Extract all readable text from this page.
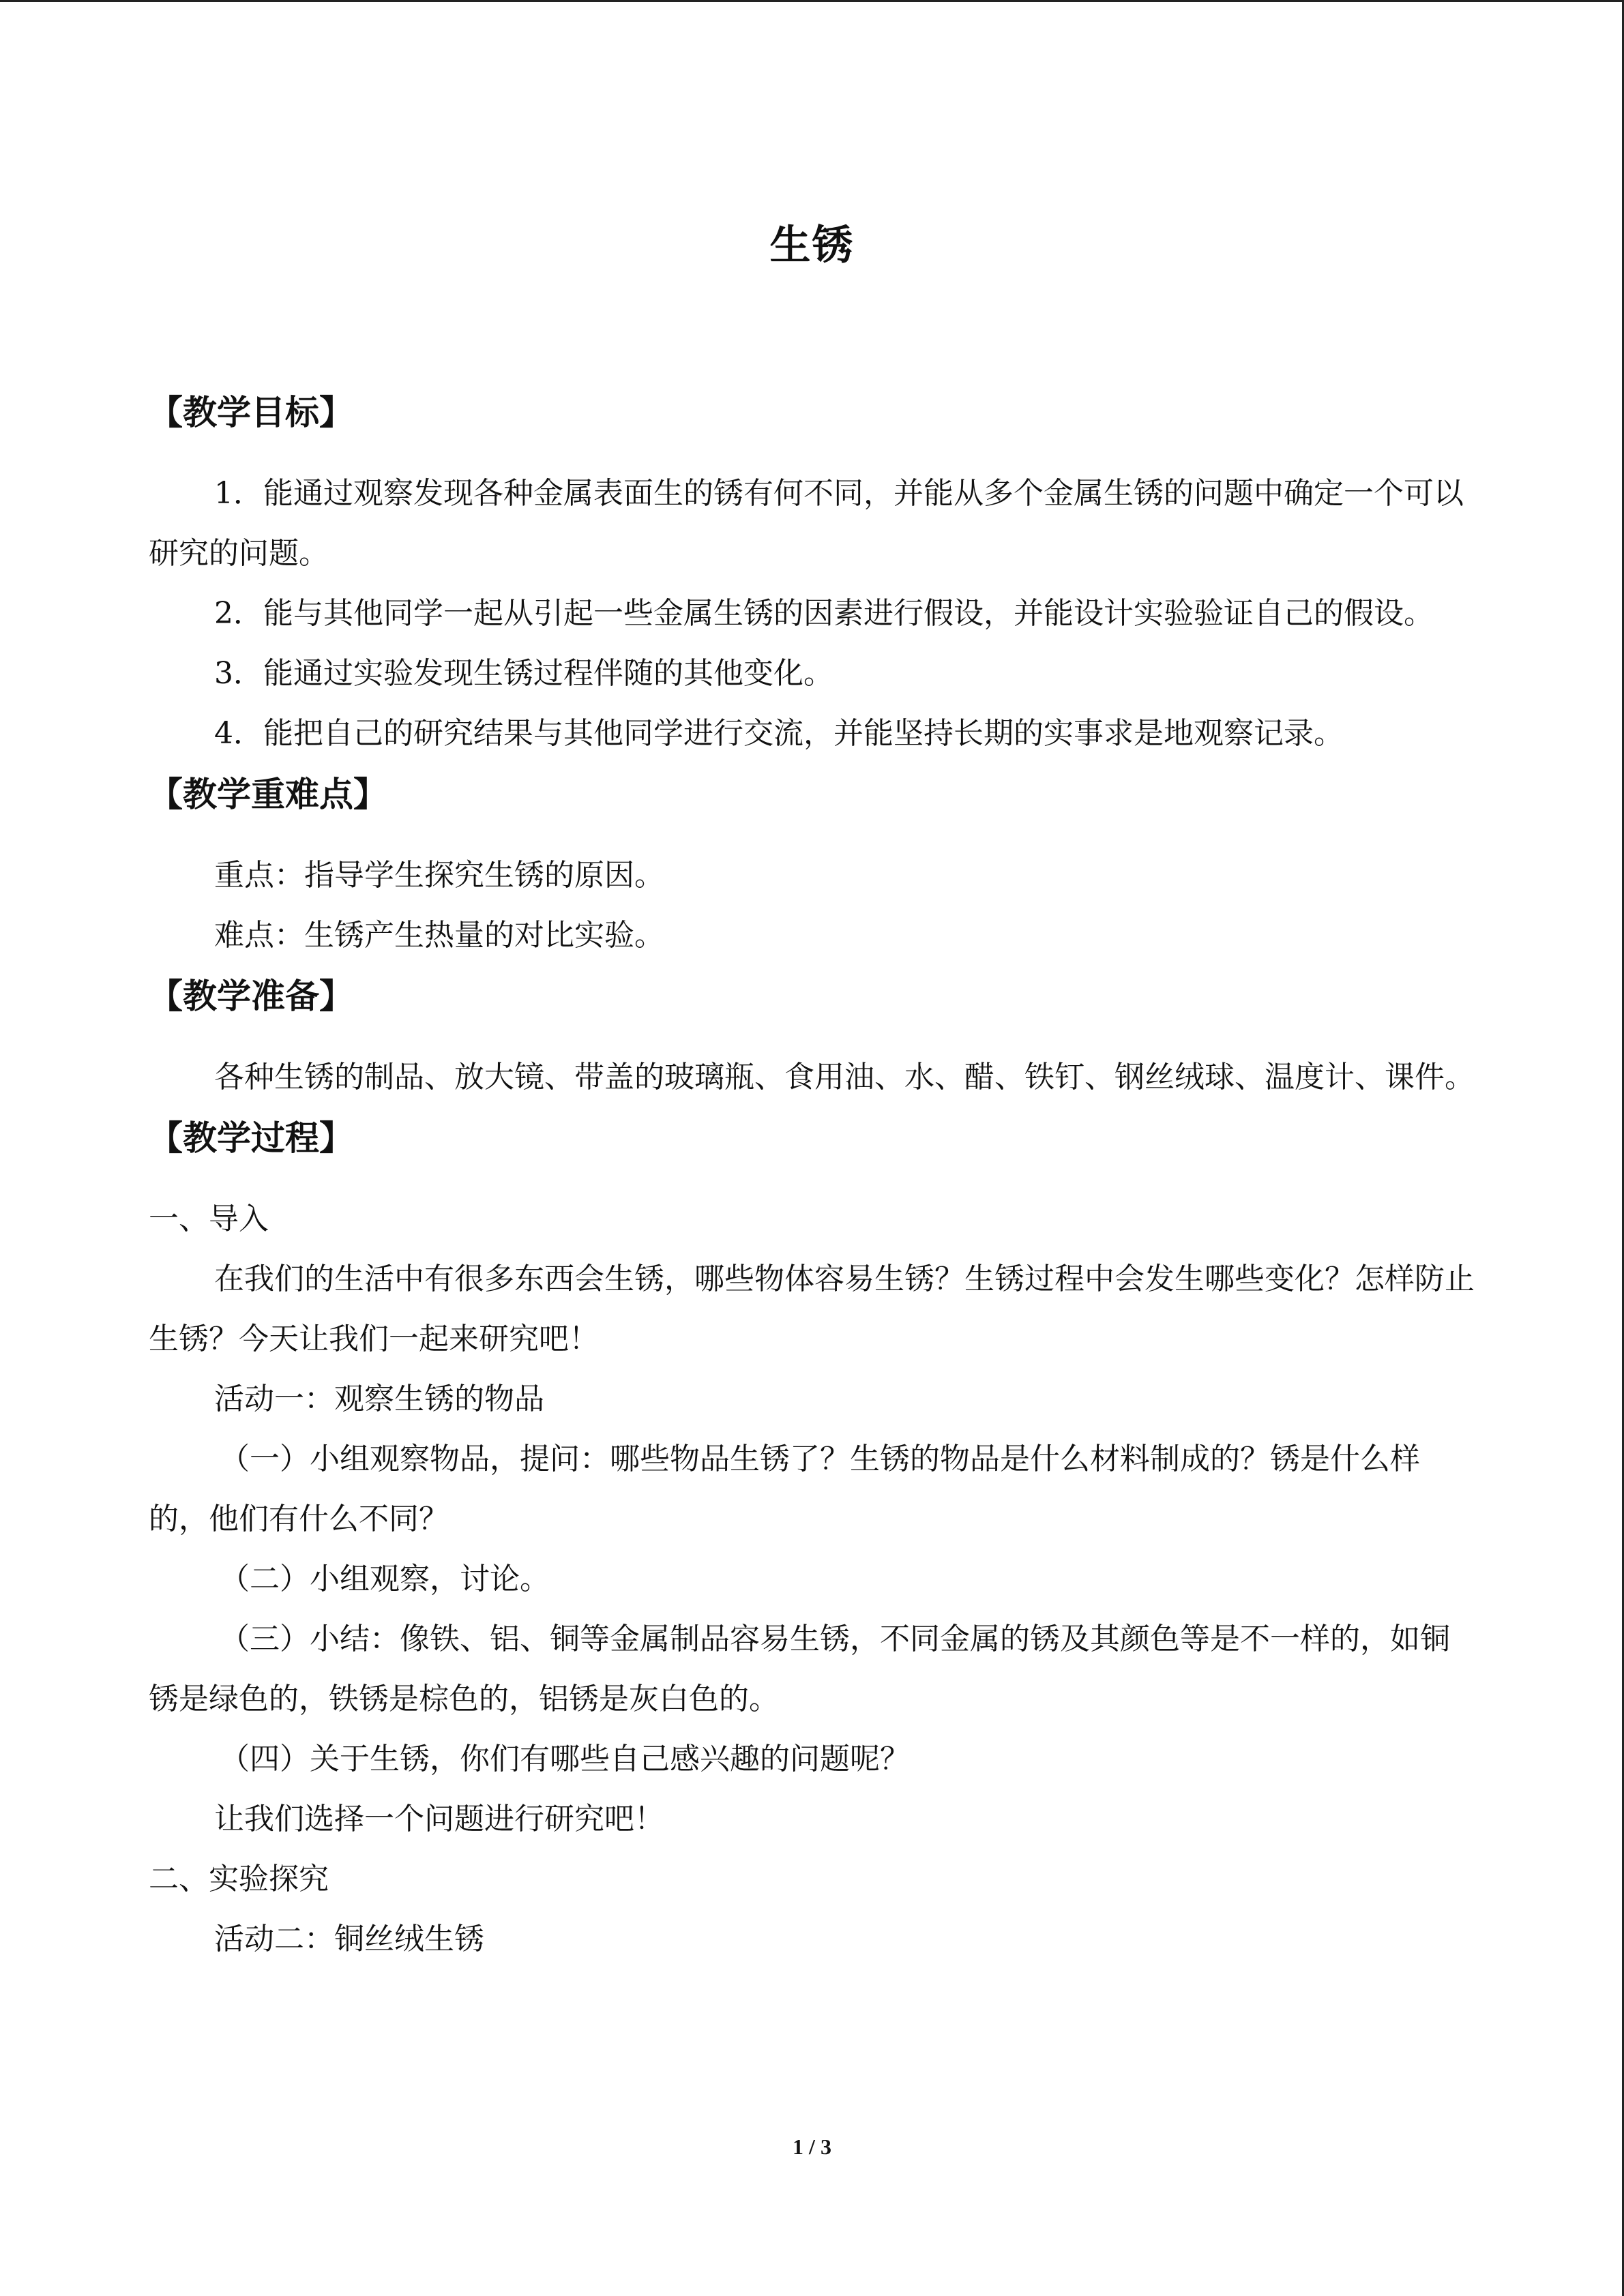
生锈
【教学目标】

1．能通过观察发现各种金属表面生的锈有何不同，并能从多个金属生锈的问题中确定一个可以研究的问题。

2．能与其他同学一起从引起一些金属生锈的因素进行假设，并能设计实验验证自己的假设。

3．能通过实验发现生锈过程伴随的其他变化。

4．能把自己的研究结果与其他同学进行交流，并能坚持长期的实事求是地观察记录。

【教学重难点】

重点：指导学生探究生锈的原因。

难点：生锈产生热量的对比实验。

【教学准备】

各种生锈的制品、放大镜、带盖的玻璃瓶、食用油、水、醋、铁钉、钢丝绒球、温度计、课件。

【教学过程】

一、导入

在我们的生活中有很多东西会生锈，哪些物体容易生锈？生锈过程中会发生哪些变化？怎样防止生锈？今天让我们一起来研究吧！

活动一：观察生锈的物品

（一）小组观察物品，提问：哪些物品生锈了？生锈的物品是什么材料制成的？锈是什么样的，他们有什么不同？

（二）小组观察，讨论。

（三）小结：像铁、铝、铜等金属制品容易生锈，不同金属的锈及其颜色等是不一样的，如铜锈是绿色的，铁锈是棕色的，铝锈是灰白色的。

（四）关于生锈，你们有哪些自己感兴趣的问题呢？

让我们选择一个问题进行研究吧！

二、实验探究

活动二：铜丝绒生锈

1 / 3
